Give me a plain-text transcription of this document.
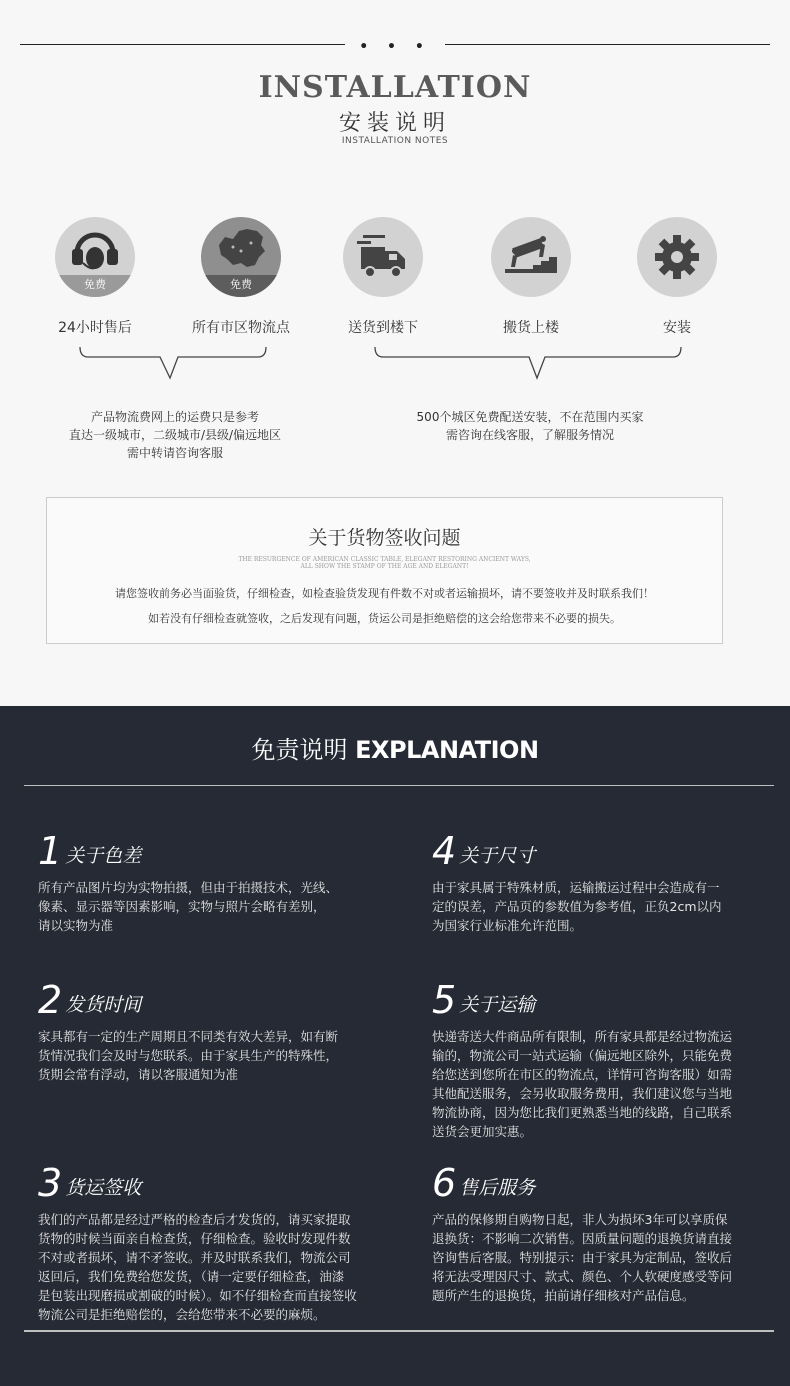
• • •
INSTALLATION
安装说明
INSTALLATION NOTES
免费
24小时售后
免费
所有市区物流点	送货到楼下	搬货上楼	安装
产品物流费网上的运费只是参考
直达一级城市，二级城市/县级/偏远地区
需中转请咨询客服
500个城区免费配送安装，不在范围内买家
需咨询在线客服，了解服务情况
关于货物签收问题
THE RESURGENCE OF AMERICAN CLASSIC TABLE, ELEGANT RESTORING ANCIENT WAYS,
ALL SHOW THE STAMP OF THE AGE AND ELEGANT!
请您签收前务必当面验货，仔细检查，如检查验货发现有件数不对或者运输损坏，请不要签收并及时联系我们！
如若没有仔细检查就签收，之后发现有问题，货运公司是拒绝赔偿的这会给您带来不必要的损失。
免责说明 EXPLANATION
1 关于色差
所有产品图片均为实物拍摄，但由于拍摄技术，光线、
像素、显示器等因素影响，实物与照片会略有差别，
请以实物为准
2 发货时间
家具都有一定的生产周期且不同类有效大差异，如有断
货情况我们会及时与您联系。由于家具生产的特殊性，
货期会常有浮动，请以客服通知为准
3 货运签收
我们的产品都是经过严格的检查后才发货的，请买家提取
货物的时候当面亲自检查货，仔细检查。验收时发现件数
不对或者损坏，请不矛签收。并及时联系我们，物流公司
返回后，我们免费给您发货，（请一定要仔细检查，油漆
是包装出现磨损或割破的时候）。如不仔细检查而直接签收
物流公司是拒绝赔偿的，会给您带来不必要的麻烦。
4 关于尺寸
由于家具属于特殊材质，运输搬运过程中会造成有一
定的误差，产品页的参数值为参考值，正负2cm以内
为国家行业标准允许范围。
5 关于运输
快递寄送大件商品所有限制，所有家具都是经过物流运
输的，物流公司一站式运输（偏远地区除外，只能免费
给您送到您所在市区的物流点，详情可咨询客服）如需
其他配送服务，会另收取服务费用，我们建议您与当地
物流协商，因为您比我们更熟悉当地的线路，自己联系
送货会更加实惠。
6 售后服务
产品的保修期自购物日起，非人为损坏3年可以享质保
退换货：不影响二次销售。因质量问题的退换货请直接
咨询售后客服。特别提示：由于家具为定制品，签收后
将无法受理因尺寸、款式、颜色、个人软硬度感受等问
题所产生的退换货，拍前请仔细核对产品信息。
